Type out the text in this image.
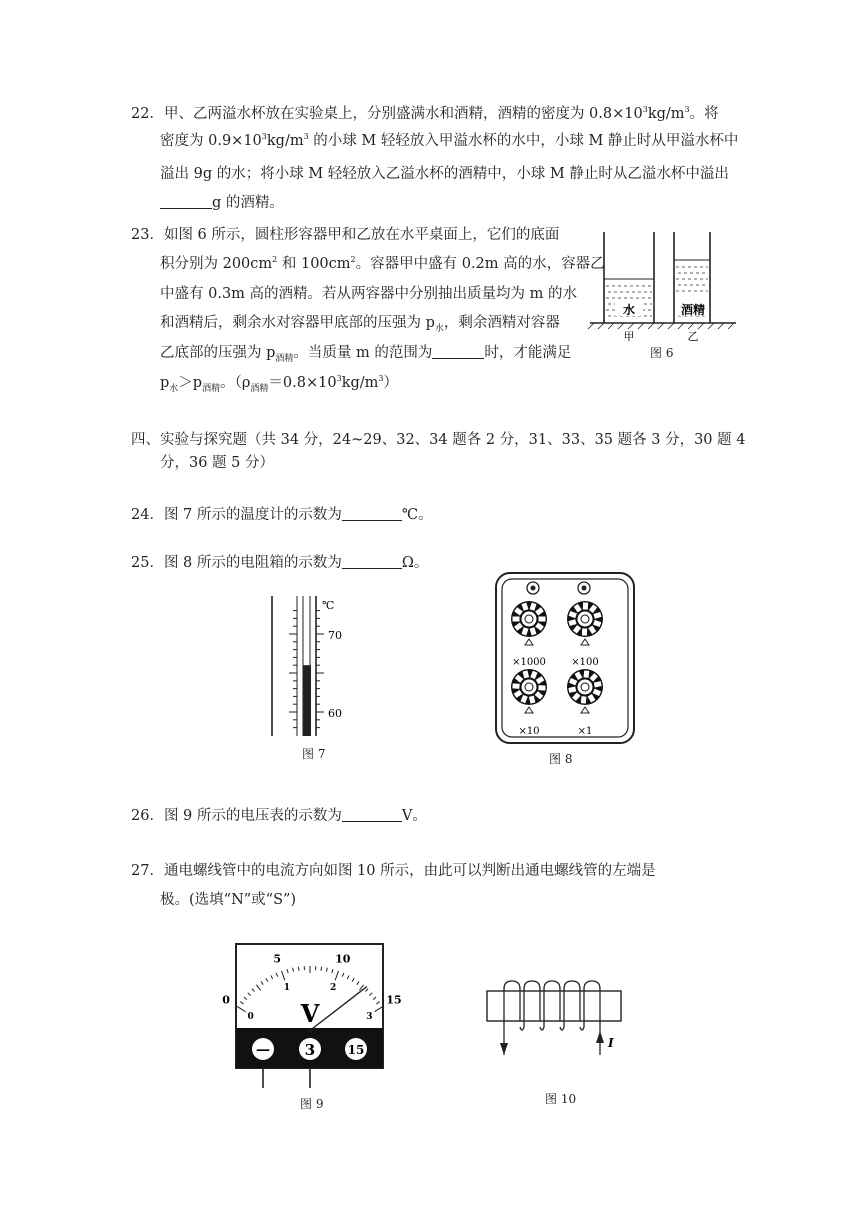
22．甲、乙两溢水杯放在实验桌上，分别盛满水和酒精，酒精的密度为 $0.8\times 10^3kg/m^3$。将
密度为 $0.9\times 10^3kg/m^3$ 的小球 M 轻轻放入甲溢水杯的水中，小球 M 静止时从甲溢水杯中
溢出 9g 的水；将小球 M 轻轻放入乙溢水杯的酒精中，小球 M 静止时从乙溢水杯中溢出
g 的酒精。
23．如图 6 所示，圆柱形容器甲和乙放在水平桌面上，它们的底面
积分别为 $200cm^2$ 和 $100cm^2$。容器甲中盛有 0.2m 高的水，容器乙
中盛有 0.3m 高的酒精。若从两容器中分别抽出质量均为 m 的水
和酒精后，剩余水对容器甲底部的压强为 $p_水$，剩余酒精对容器
乙底部的压强为 $p_{酒精}$。当质量 m 的范围为	时，才能满足
$p_水>p_{酒精}$。$(\rho_{酒精}=0.8\times 10^3kg/m^3)$
水	酒精
甲	乙
图 6
四、实验与探究题（共 34 分，24~29、32、34 题各 2 分，31、33、35 题各 3 分，30 题 4
分，36 题 5 分）
24．图 7 所示的温度计的示数为	℃。
25．图 8 所示的电阻箱的示数为	Ω。
℃
70
60
图 7
×1000	×100
×10	×1
图 8
26．图 9 所示的电压表的示数为	V。
27．通电螺线管中的电流方向如图 10 所示，由此可以判断出通电螺线管的左端是
极。(选填“N”或“S”)
0
0
5
1
10
2
15
3
V
— 3	15
图 9
I
图 10
